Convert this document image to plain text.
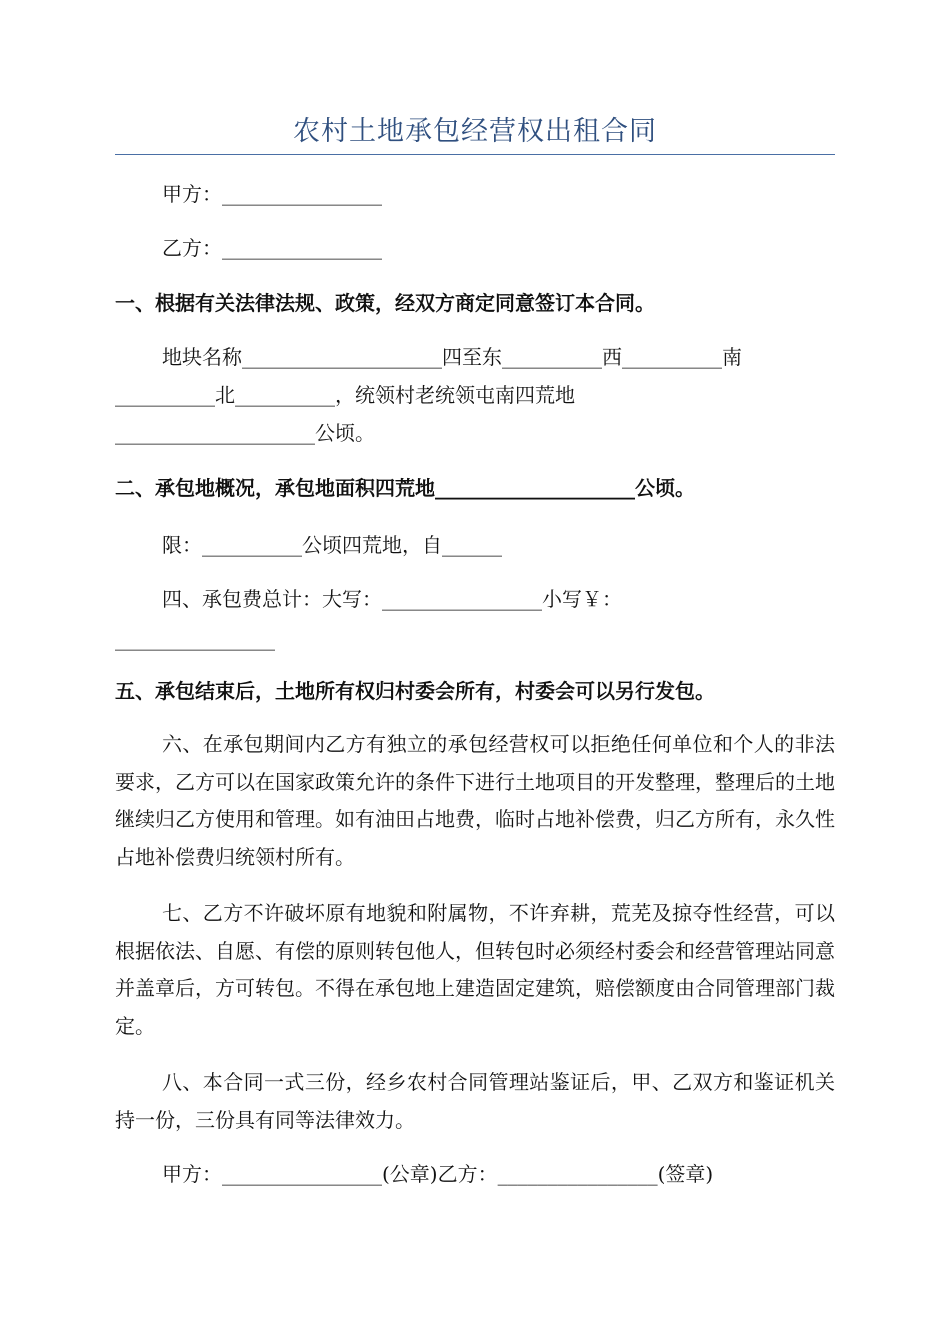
农村土地承包经营权出租合同
甲方：________________
乙方：________________
一、根据有关法律法规、政策，经双方商定同意签订本合同。
地块名称____________________四至东__________西__________南
__________北__________，统领村老统领屯南四荒地
____________________公顷。
二、承包地概况，承包地面积四荒地____________________公顷。
限：__________公顷四荒地，自______
四、承包费总计：大写：________________小写￥：
________________
五、承包结束后，土地所有权归村委会所有，村委会可以另行发包。
六、在承包期间内乙方有独立的承包经营权可以拒绝任何单位和个人的非法要求，乙方可以在国家政策允许的条件下进行土地项目的开发整理，整理后的土地继续归乙方使用和管理。如有油田占地费，临时占地补偿费，归乙方所有，永久性占地补偿费归统领村所有。
七、乙方不许破坏原有地貌和附属物，不许弃耕，荒芜及掠夺性经营，可以根据依法、自愿、有偿的原则转包他人，但转包时必须经村委会和经营管理站同意并盖章后，方可转包。不得在承包地上建造固定建筑，赔偿额度由合同管理部门裁定。
八、本合同一式三份，经乡农村合同管理站鉴证后，甲、乙双方和鉴证机关持一份，三份具有同等法律效力。
甲方：________________(公章)乙方：________________(签章)
